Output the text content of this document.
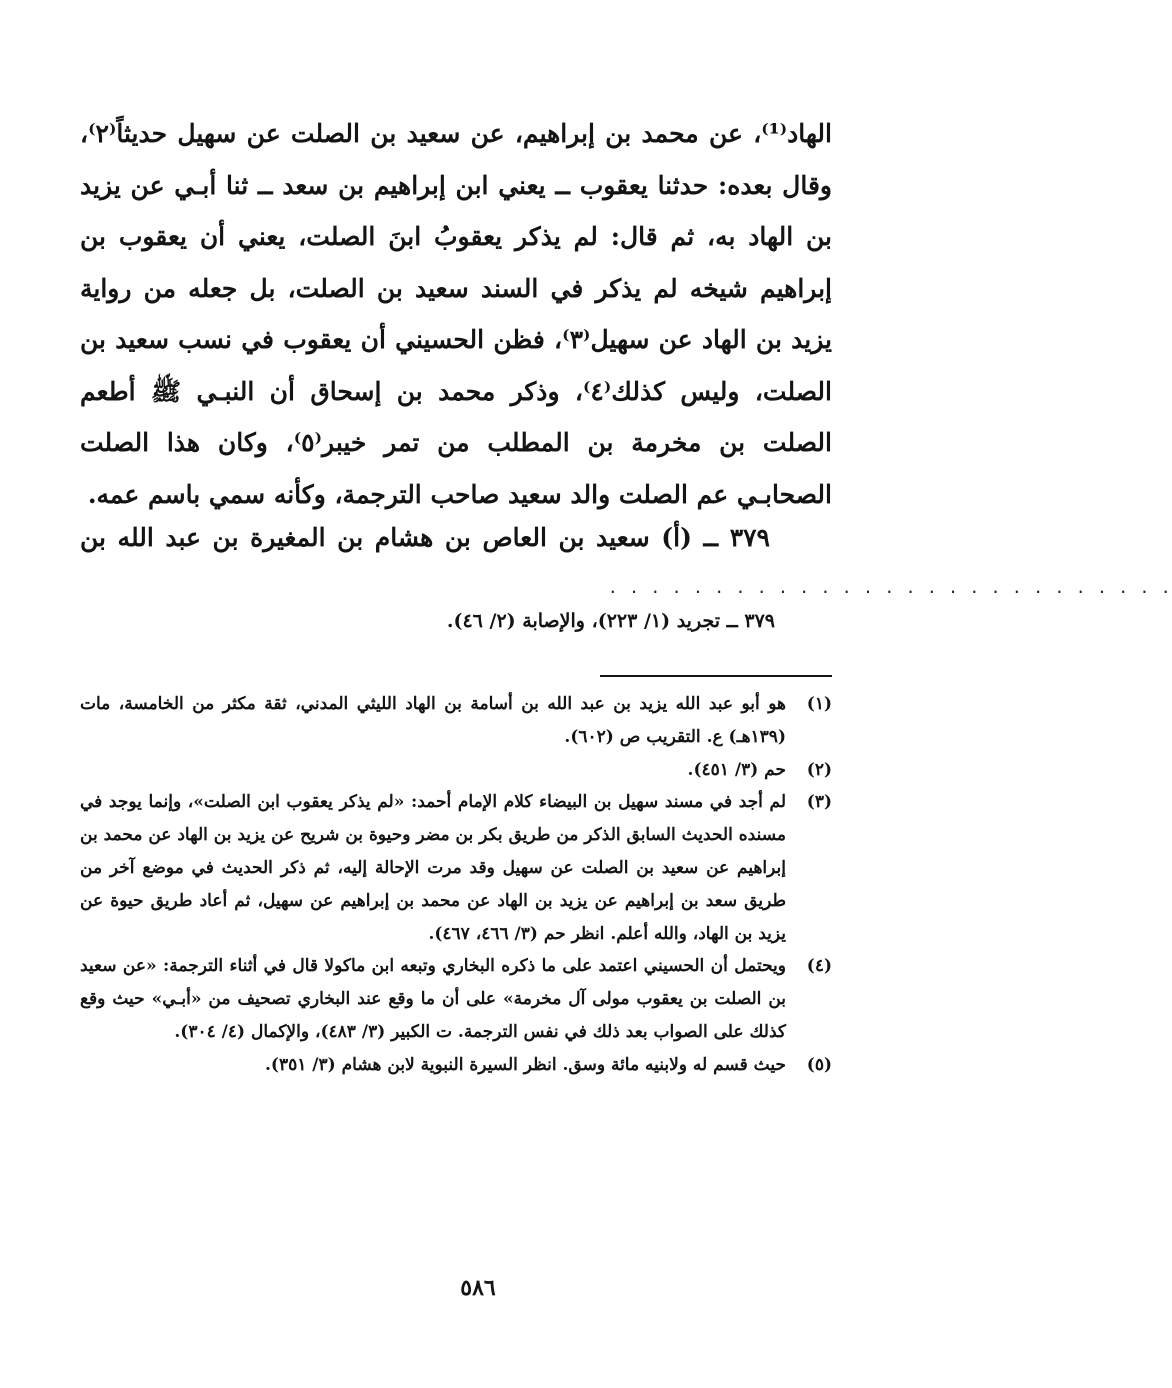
الهاد⁽¹⁾، عن محمد بن إبراهيم، عن سعيد بن الصلت عن سهيل حديثاً⁽٢⁾، وقال بعده: حدثنا يعقوب ــ يعني ابن إبراهيم بن سعد ــ ثنا أبـي عن يزيد بن الهاد به، ثم قال: لم يذكر يعقوبُ ابنَ الصلت، يعني أن يعقوب بن إبراهيم شيخه لم يذكر في السند سعيد بن الصلت، بل جعله من رواية يزيد بن الهاد عن سهيل⁽٣⁾، فظن الحسيني أن يعقوب في نسب سعيد بن الصلت، وليس كذلك⁽٤⁾، وذكر محمد بن إسحاق أن النبـي ﷺ أطعم الصلت بن مخرمة بن المطلب من تمر خيبر⁽٥⁾، وكان هذا الصلت الصحابـي عم الصلت والد سعيد صاحب الترجمة، وكأنه سمي باسم عمه.

٣٧٩ ــ (أ) سعيد بن العاص بن هشام بن المغيرة بن عبد الله بن
. . . . . . . . . . . . . . . . . . . . . . . . . . .
٣٧٩ ــ تجريد (١/ ٢٢٣)، والإصابة (٢/ ٤٦).
(١)
هو أبو عبد الله يزيد بن عبد الله بن أسامة بن الهاد الليثي المدني، ثقة مكثر من الخامسة، مات (١٣٩هـ) ع. التقريب ص (٦٠٢).
(٢)
حم (٣/ ٤٥١).
(٣)
لم أجد في مسند سهيل بن البيضاء كلام الإمام أحمد: «لم يذكر يعقوب ابن الصلت»، وإنما يوجد في مسنده الحديث السابق الذكر من طريق بكر بن مضر وحيوة بن شريح عن يزيد بن الهاد عن محمد بن إبراهيم عن سعيد بن الصلت عن سهيل وقد مرت الإحالة إليه، ثم ذكر الحديث في موضع آخر من طريق سعد بن إبراهيم عن يزيد بن الهاد عن محمد بن إبراهيم عن سهيل، ثم أعاد طريق حيوة عن يزيد بن الهاد، والله أعلم. انظر حم (٣/ ٤٦٦، ٤٦٧).
(٤)
ويحتمل أن الحسيني اعتمد على ما ذكره البخاري وتبعه ابن ماكولا قال في أثناء الترجمة: «عن سعيد بن الصلت بن يعقوب مولى آل مخرمة» على أن ما وقع عند البخاري تصحيف من «أبـي» حيث وقع كذلك على الصواب بعد ذلك في نفس الترجمة. ت الكبير (٣/ ٤٨٣)، والإكمال (٤/ ٣٠٤).
(٥)
حيث قسم له ولابنيه مائة وسق. انظر السيرة النبوية لابن هشام (٣/ ٣٥١).
٥٨٦
